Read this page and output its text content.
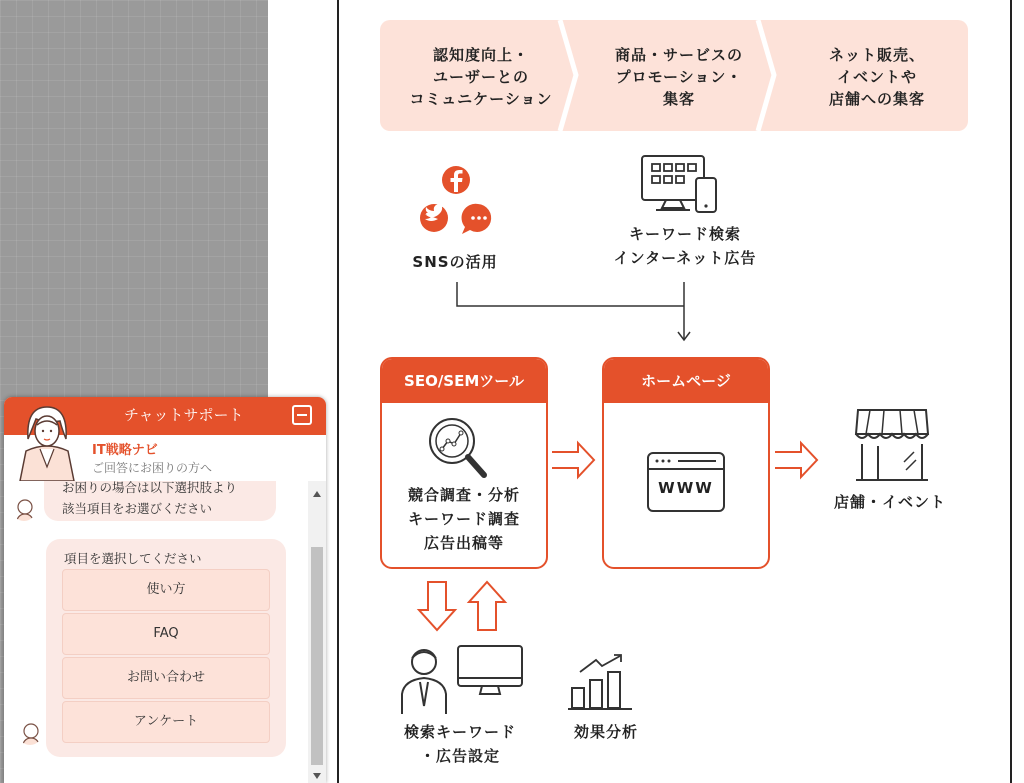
認知度向上・
ユーザーとの
コミュニケーション
商品・サービスの
プロモーション・
集客
ネット販売、
イベントや
店舗への集客
SNSの活用
キーワード検索
インターネット広告
SEO/SEMツール
競合調査・分析
キーワード調査
広告出稿等
ホームページ
WWW
店舗・イベント
検索キーワード
・広告設定
効果分析
チャットサポート
IT戦略ナビ
ご回答にお困りの方へ
お困りの場合は以下選択肢より
該当項目をお選びください
項目を選択してください
使い方
FAQ
お問い合わせ
アンケート
